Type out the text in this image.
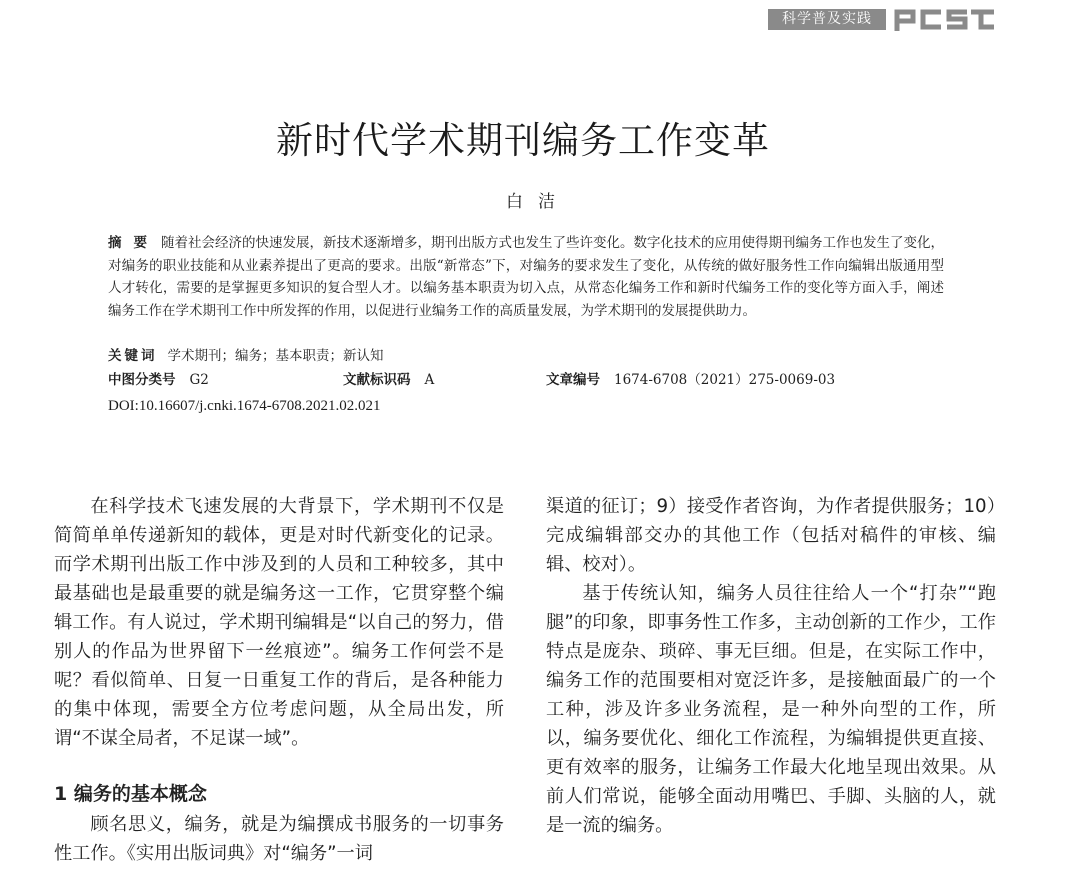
科学普及实践
新时代学术期刊编务工作变革
白洁
摘要 随着社会经济的快速发展，新技术逐渐增多，期刊出版方式也发生了些许变化。数字化技术的应用使得期刊编务工作也发生了变化，对编务的职业技能和从业素养提出了更高的要求。出版“新常态”下，对编务的要求发生了变化，从传统的做好服务性工作向编辑出版通用型人才转化，需要的是掌握更多知识的复合型人才。以编务基本职责为切入点，从常态化编务工作和新时代编务工作的变化等方面入手，阐述编务工作在学术期刊工作中所发挥的作用，以促进行业编务工作的高质量发展，为学术期刊的发展提供助力。
关键词 学术期刊；编务；基本职责；新认知
中图分类号 G2	文献标识码 A	文章编号 1674-6708（2021）275-0069-03
DOI:10.16607/j.cnki.1674-6708.2021.02.021

在科学技术飞速发展的大背景下，学术期刊不仅是简简单单传递新知的载体，更是对时代新变化的记录。而学术期刊出版工作中涉及到的人员和工种较多，其中最基础也是最重要的就是编务这一工作，它贯穿整个编辑工作。有人说过，学术期刊编辑是“以自己的努力，借别人的作品为世界留下一丝痕迹”。编务工作何尝不是呢？看似简单、日复一日重复工作的背后，是各种能力的集中体现，需要全方位考虑问题，从全局出发，所谓“不谋全局者，不足谋一域”。

1 编务的基本概念

顾名思义，编务，就是为编撰成书服务的一切事务性工作。《实用出版词典》对“编务”一词

渠道的征订；9）接受作者咨询，为作者提供服务；10）完成编辑部交办的其他工作（包括对稿件的审核、编辑、校对）。

基于传统认知，编务人员往往给人一个“打杂”“跑腿”的印象，即事务性工作多，主动创新的工作少，工作特点是庞杂、琐碎、事无巨细。但是，在实际工作中，编务工作的范围要相对宽泛许多，是接触面最广的一个工种，涉及许多业务流程，是一种外向型的工作，所以，编务要优化、细化工作流程，为编辑提供更直接、更有效率的服务，让编务工作最大化地呈现出效果。从前人们常说，能够全面动用嘴巴、手脚、头脑的人，就是一流的编务。
